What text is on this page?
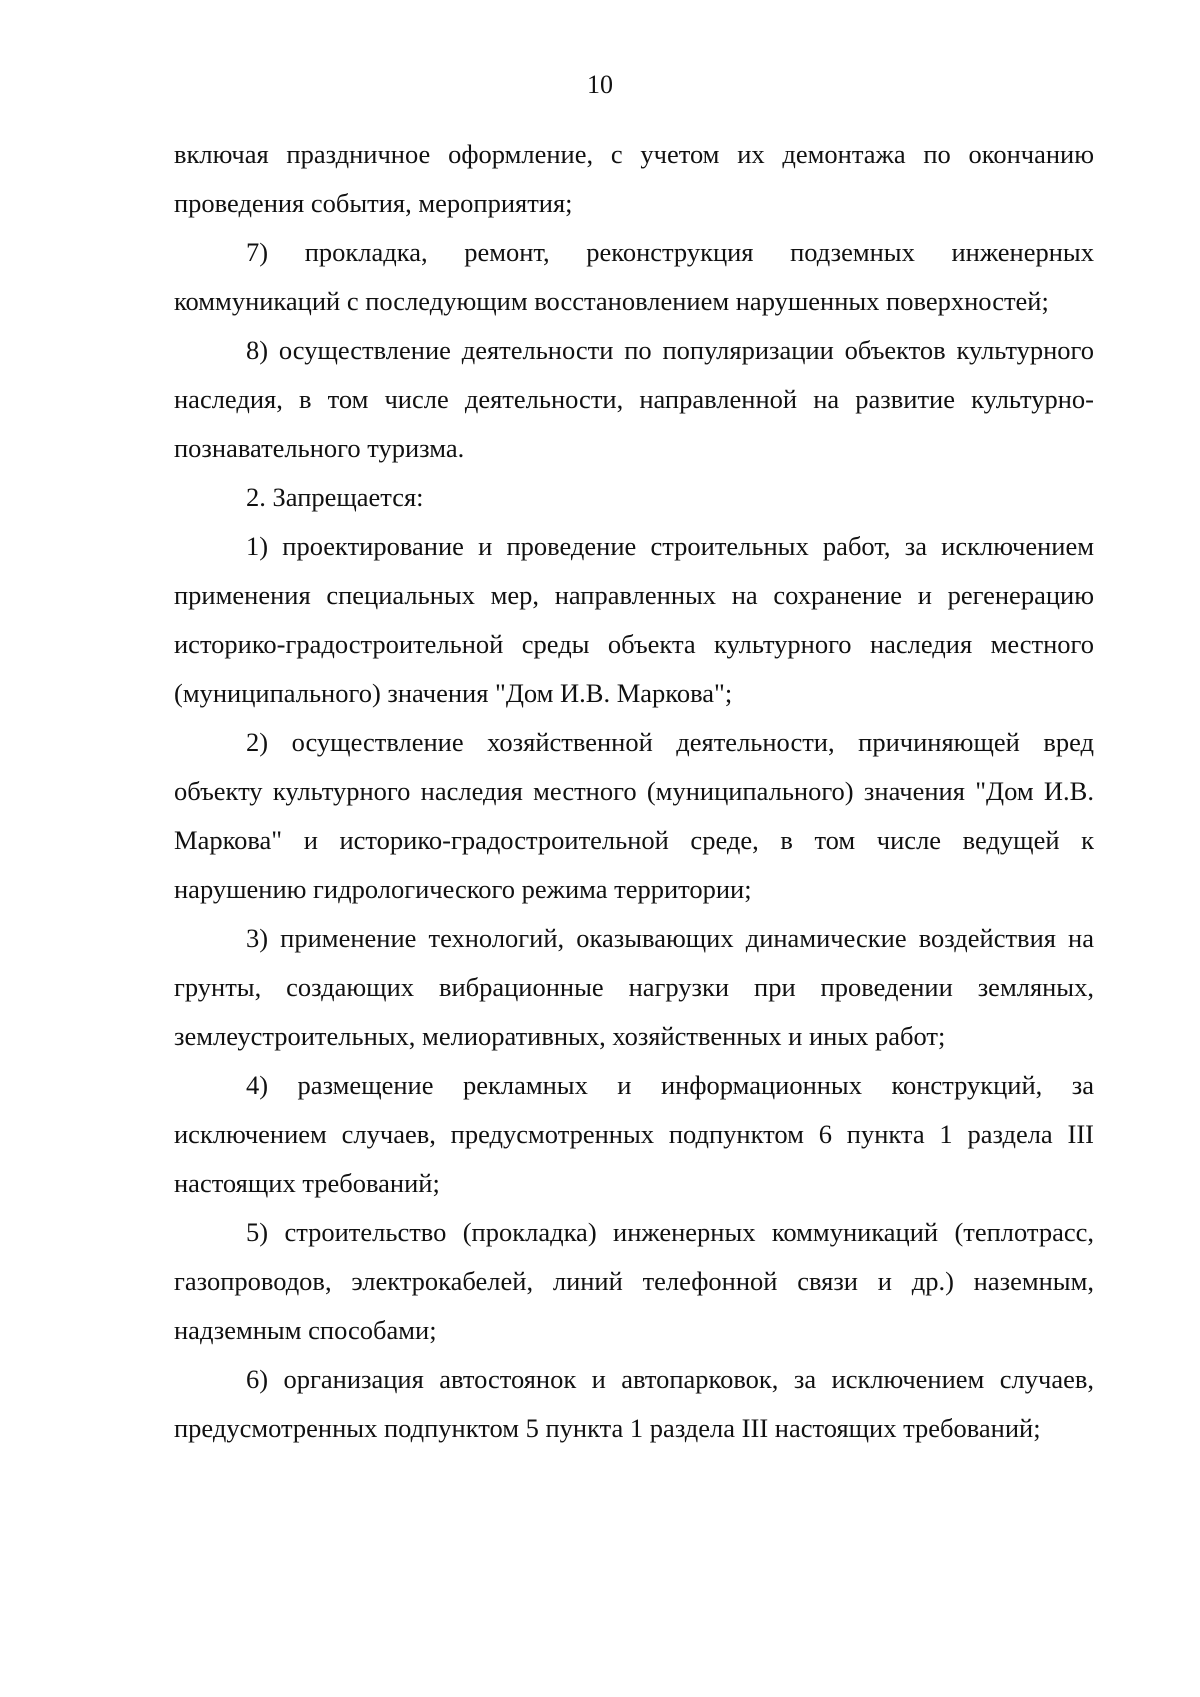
10

включая праздничное оформление, с учетом их демонтажа по окончанию проведения события, мероприятия;

7) прокладка, ремонт, реконструкция подземных инженерных коммуникаций с последующим восстановлением нарушенных поверхностей;

8) осуществление деятельности по популяризации объектов культурного наследия, в том числе деятельности, направленной на развитие культурно-познавательного туризма.

2. Запрещается:

1) проектирование и проведение строительных работ, за исключением применения специальных мер, направленных на сохранение и регенерацию историко-градостроительной среды объекта культурного наследия местного (муниципального) значения "Дом И.В. Маркова";

2) осуществление хозяйственной деятельности, причиняющей вред объекту культурного наследия местного (муниципального) значения "Дом И.В. Маркова" и историко-градостроительной среде, в том числе ведущей к нарушению гидрологического режима территории;

3) применение технологий, оказывающих динамические воздействия на грунты, создающих вибрационные нагрузки при проведении земляных, землеустроительных, мелиоративных, хозяйственных и иных работ;

4) размещение рекламных и информационных конструкций, за исключением случаев, предусмотренных подпунктом 6 пункта 1 раздела III настоящих требований;

5) строительство (прокладка) инженерных коммуникаций (теплотрасс, газопроводов, электрокабелей, линий телефонной связи и др.) наземным, надземным способами;

6) организация автостоянок и автопарковок, за исключением случаев, предусмотренных подпунктом 5 пункта 1 раздела III настоящих требований;
